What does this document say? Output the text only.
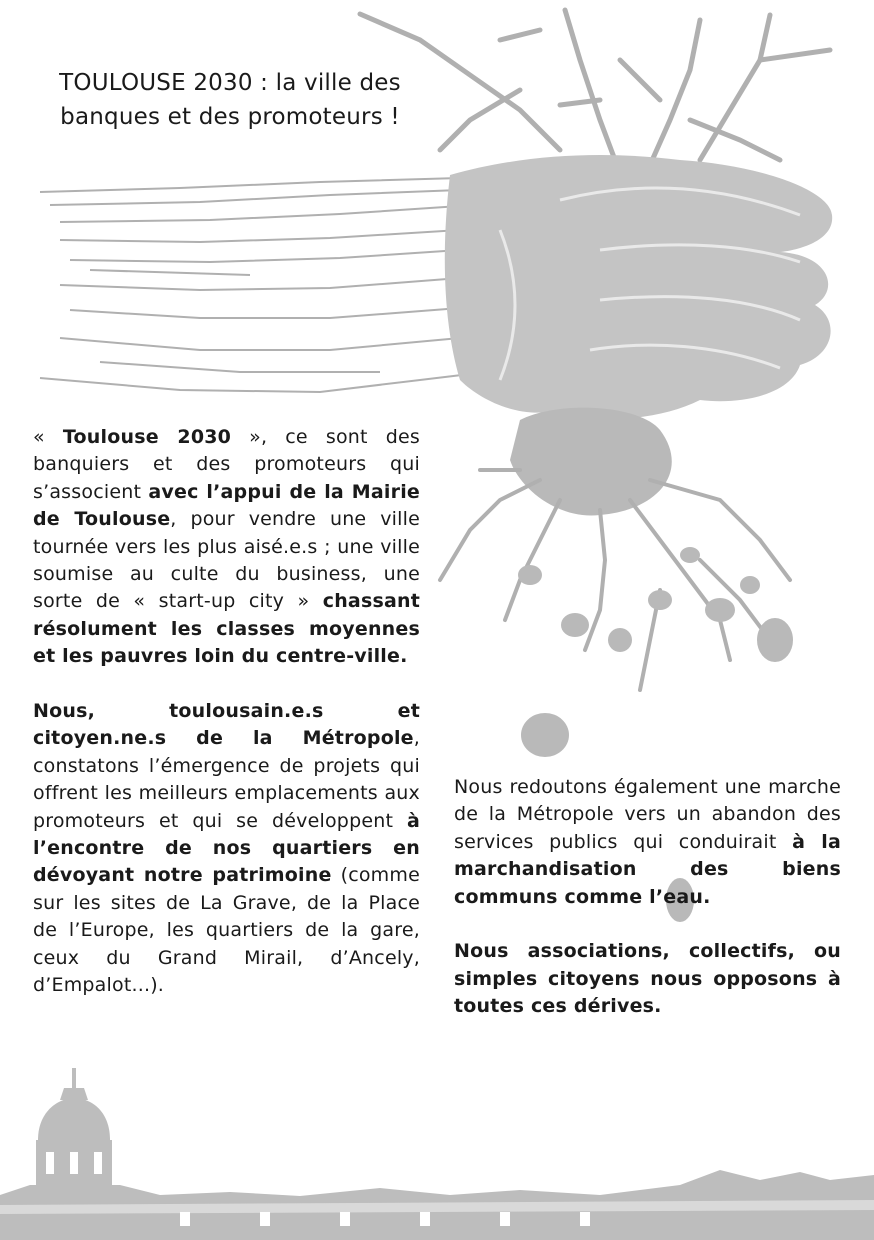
TOULOUSE 2030 : la ville des
banques et des promoteurs !

« Toulouse 2030 », ce sont des banquiers et des promoteurs qui s’associent avec l’appui de la Mairie de Toulouse, pour vendre une ville tournée vers les plus aisé.e.s ; une ville soumise au culte du business, une sorte de « start-up city » chassant résolument les classes moyennes et les pauvres loin du centre-ville.

Nous, toulousain.e.s et citoyen.ne.s de la Métropole, constatons l’émergence de projets qui offrent les meilleurs emplacements aux promoteurs et qui se développent à l’encontre de nos quartiers en dévoyant notre patrimoine (comme sur les sites de La Grave, de la Place de l’Europe, les quartiers de la gare, ceux du Grand Mirail, d’Ancely, d’Empalot...).

Nous redoutons également une marche de la Métropole vers un abandon des services publics qui conduirait à la marchandisation des biens communs comme l’eau.

Nous associations, collectifs, ou simples citoyens nous opposons à toutes ces dérives.
